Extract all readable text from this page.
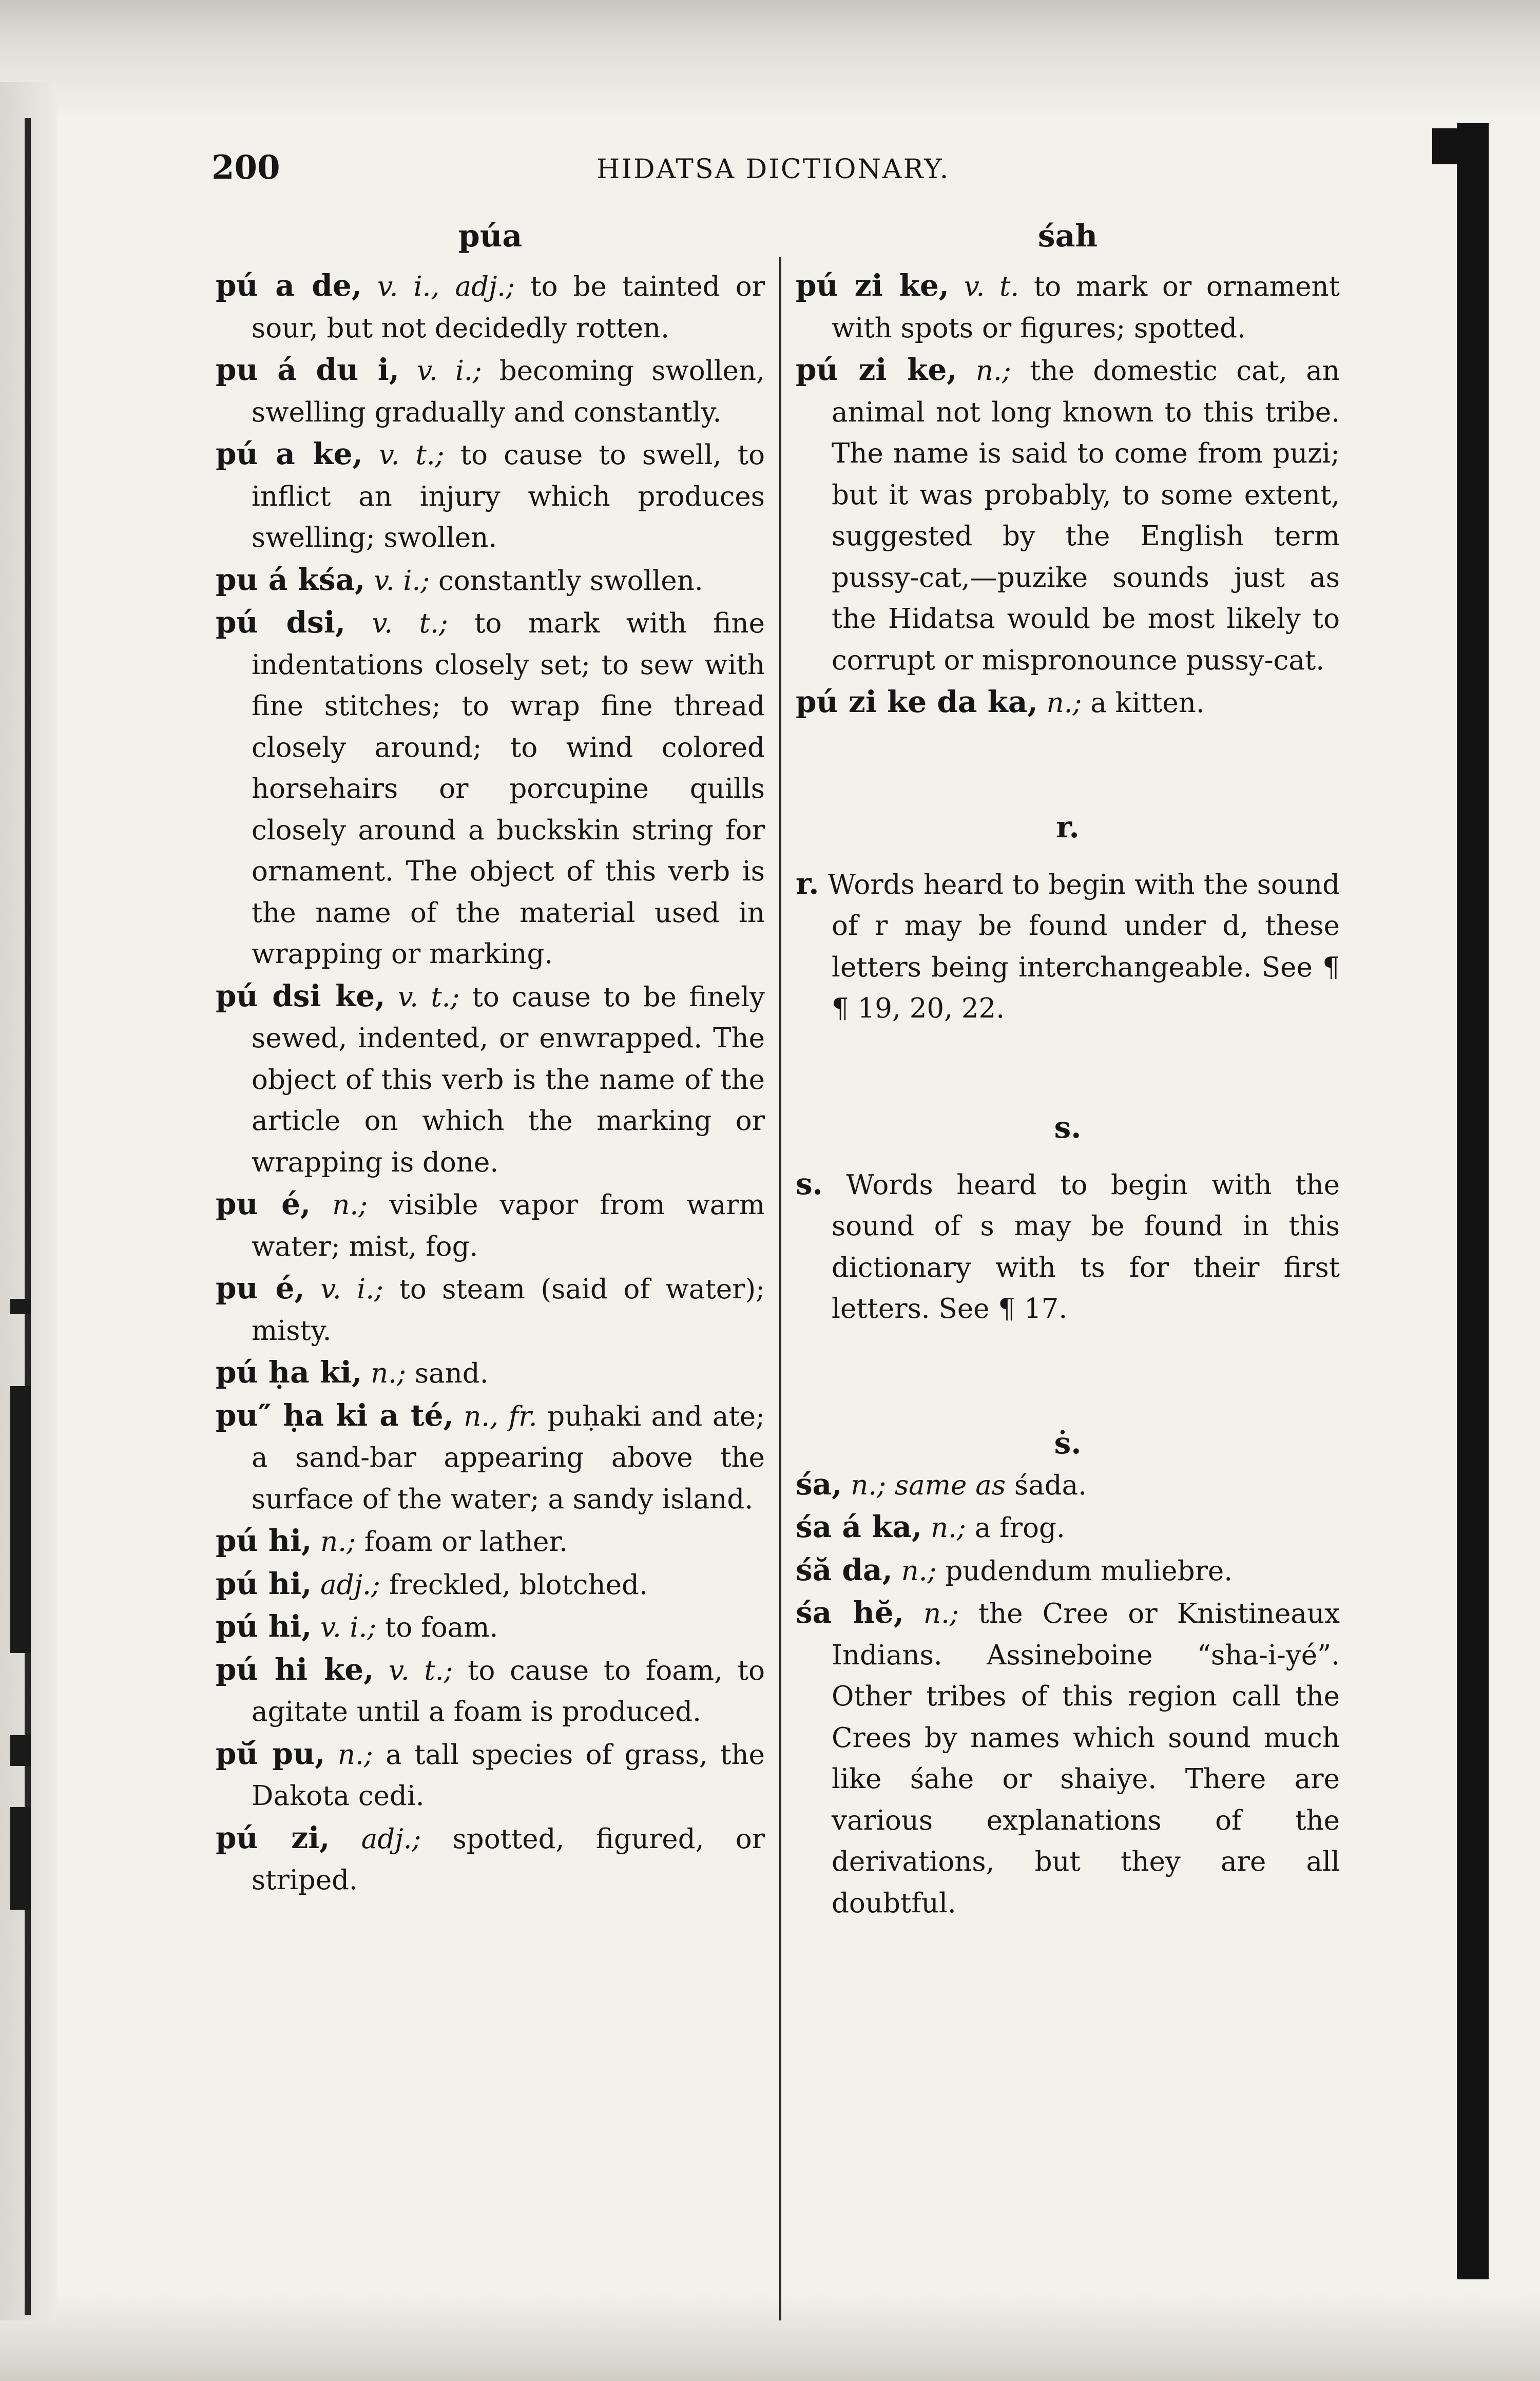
200	HIDATSA DICTIONARY.
púa

pú a de, v. i., adj.; to be tainted or sour, but not decidedly rotten.

pu á du i, v. i.; becoming swollen, swelling gradually and constantly.

pú a ke, v. t.; to cause to swell, to inflict an injury which produces swelling; swollen.

pu á kśa, v. i.; constantly swollen.

pú dsi, v. t.; to mark with fine indentations closely set; to sew with fine stitches; to wrap fine thread closely around; to wind colored horsehairs or porcupine quills closely around a buckskin string for ornament. The object of this verb is the name of the material used in wrapping or marking.

pú dsi ke, v. t.; to cause to be finely sewed, indented, or enwrapped. The object of this verb is the name of the article on which the marking or wrapping is done.

pu é, n.; visible vapor from warm water; mist, fog.

pu é, v. i.; to steam (said of water); misty.

pú ḥa ki, n.; sand.

pu″ ḥa ki a té, n., fr. puḥaki and ate; a sand-bar appearing above the surface of the water; a sandy island.

pú hi, n.; foam or lather.

pú hi, adj.; freckled, blotched.

pú hi, v. i.; to foam.

pú hi ke, v. t.; to cause to foam, to agitate until a foam is produced.

pŭ́ pu, n.; a tall species of grass, the Dakota cedi.

pú zi, adj.; spotted, figured, or striped.

śah

pú zi ke, v. t. to mark or ornament with spots or figures; spotted.

pú zi ke, n.; the domestic cat, an animal not long known to this tribe. The name is said to come from puzi; but it was probably, to some extent, suggested by the English term pussy-cat,—puzike sounds just as the Hidatsa would be most likely to corrupt or mispronounce pussy-cat.

pú zi ke da ka, n.; a kitten.

r.

r. Words heard to begin with the sound of r may be found under d, these letters being interchangeable. See ¶ ¶ 19, 20, 22.

s.

s. Words heard to begin with the sound of s may be found in this dictionary with ts for their first letters. See ¶ 17.

ṡ.

śa, n.; same as śada.

śa á ka, n.; a frog.

śă da, n.; pudendum muliebre.

śa hĕ, n.; the Cree or Knistineaux Indians. Assineboine “sha-i-yé”. Other tribes of this region call the Crees by names which sound much like śahe or shaiye. There are various explanations of the derivations, but they are all doubtful.
